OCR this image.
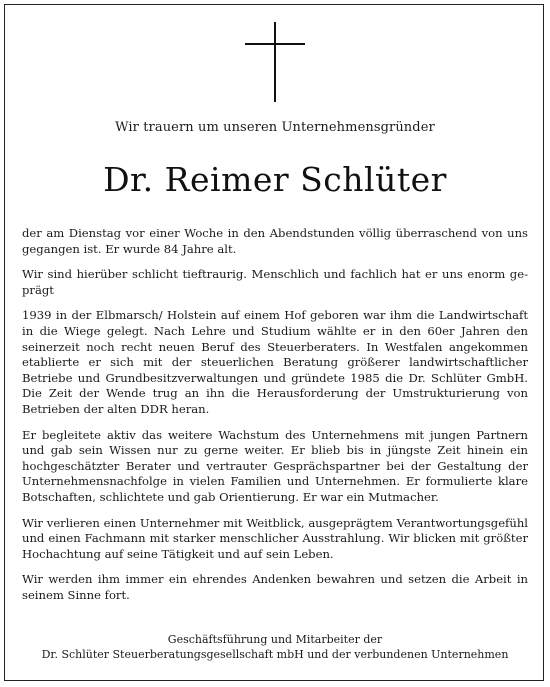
Wir trauern um unseren Unternehmensgründer
Dr. Reimer Schlüter

der am Dienstag vor einer Woche in den Abendstunden völlig überraschend von uns gegangen ist. Er wurde 84 Jahre alt.

Wir sind hierüber schlicht tieftraurig. Menschlich und fachlich hat er uns enorm geprägt

1939 in der Elbmarsch/ Holstein auf einem Hof geboren war ihm die Landwirtschaft in die Wiege gelegt. Nach Lehre und Studium wählte er in den 60er Jahren den seinerzeit noch recht neuen Beruf des Steuerberaters. In Westfalen angekommen etablierte er sich mit der steuerlichen Beratung größerer landwirtschaftlicher Betriebe und Grundbesitzverwaltungen und gründete 1985 die Dr. Schlüter GmbH. Die Zeit der Wende trug an ihn die Herausforderung der Umstrukturierung von Betrieben der alten DDR heran.

Er begleitete aktiv das weitere Wachstum des Unternehmens mit jungen Partnern und gab sein Wissen nur zu gerne weiter. Er blieb bis in jüngste Zeit hinein ein hochgeschätzter Berater und vertrauter Gesprächspartner bei der Gestaltung der Unternehmensnachfolge in vielen Familien und Unternehmen. Er formulierte klare Botschaften, schlichtete und gab Orientierung. Er war ein Mutmacher.

Wir verlieren einen Unternehmer mit Weitblick, ausgeprägtem Verantwortungsgefühl und einen Fachmann mit starker menschlicher Ausstrahlung. Wir blicken mit größter Hochachtung auf seine Tätigkeit und auf sein Leben.

Wir werden ihm immer ein ehrendes Andenken bewahren und setzen die Arbeit in seinem Sinne fort.

Geschäftsführung und Mitarbeiter der
Dr. Schlüter Steuerberatungsgesellschaft mbH und der verbundenen Unternehmen
